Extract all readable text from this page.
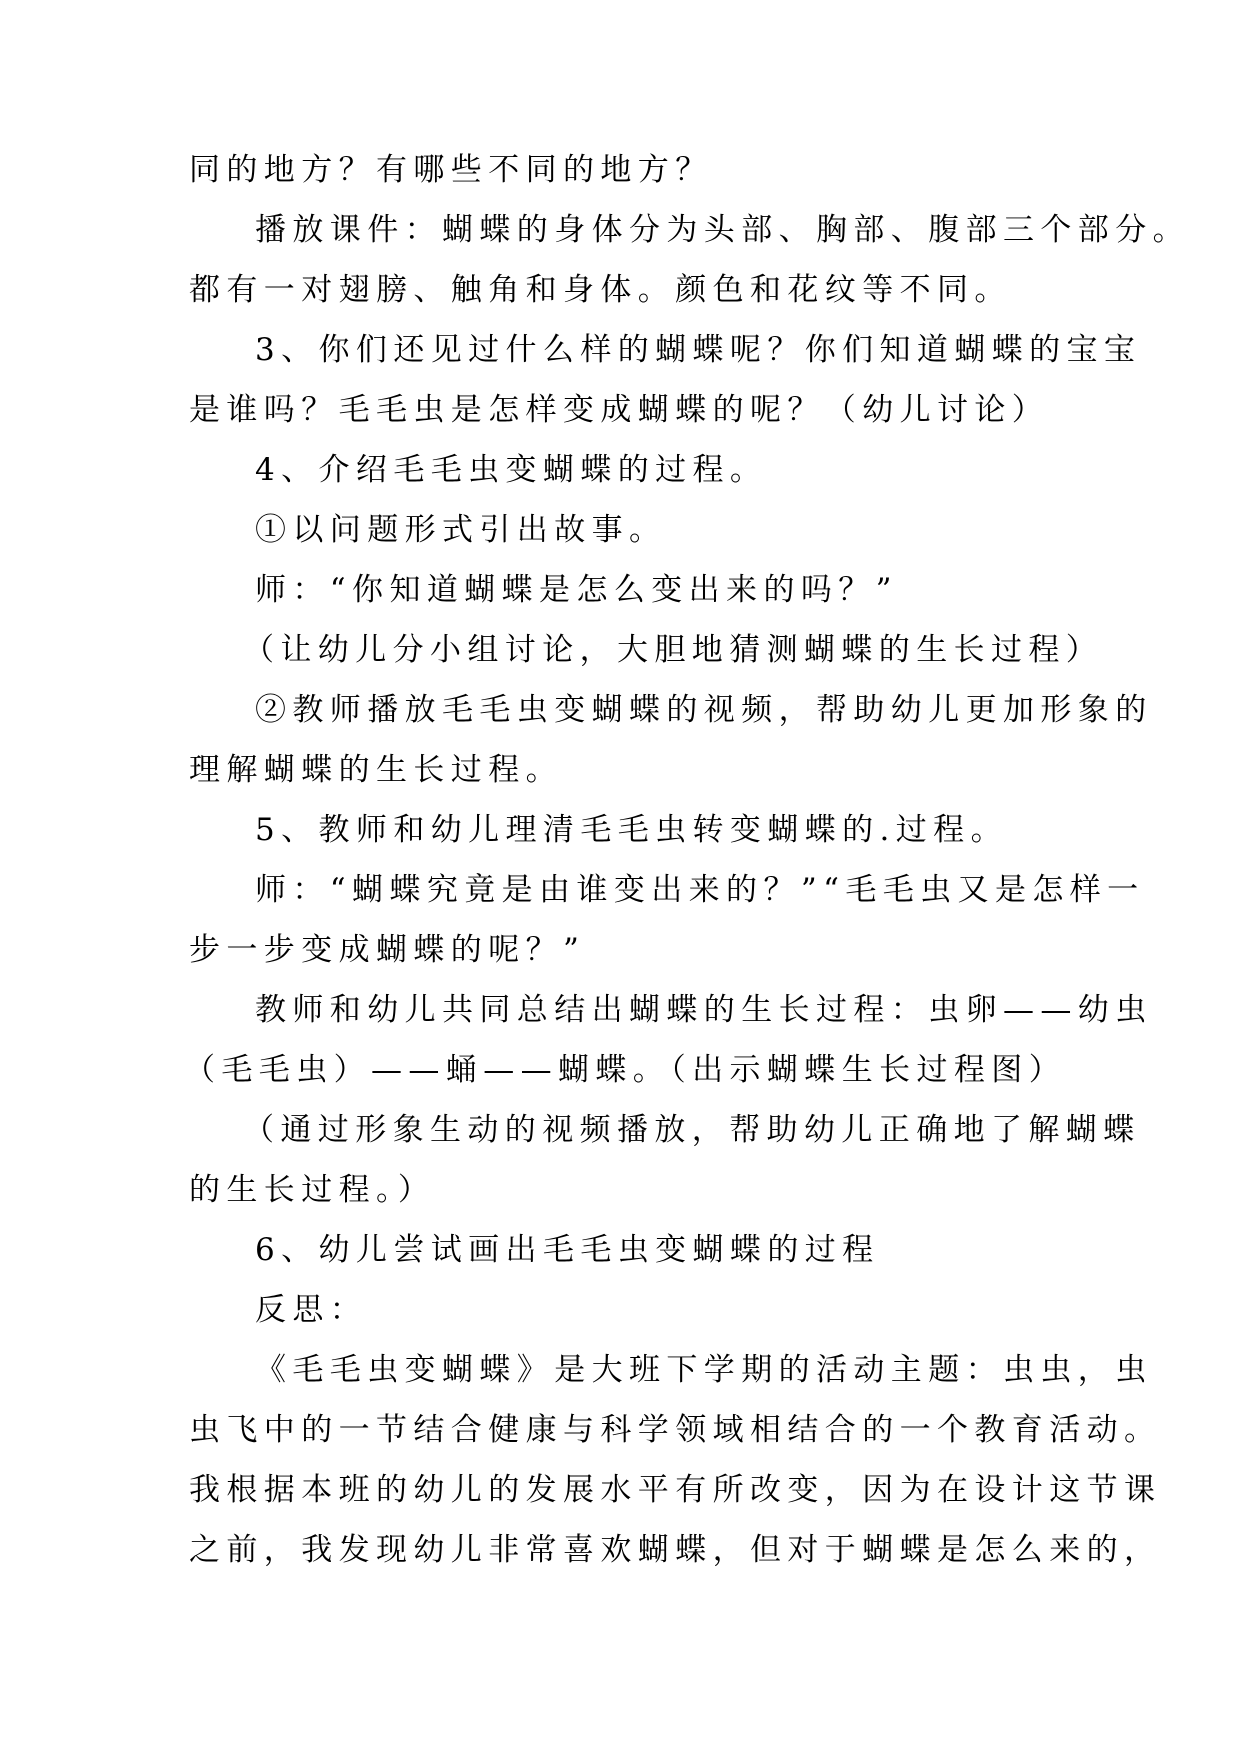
同的地方？有哪些不同的地方？
播放课件：蝴蝶的身体分为头部、胸部、腹部三个部分。
都有一对翅膀、触角和身体。颜色和花纹等不同。
3、你们还见过什么样的蝴蝶呢？你们知道蝴蝶的宝宝
是谁吗？毛毛虫是怎样变成蝴蝶的呢？（幼儿讨论）
4、介绍毛毛虫变蝴蝶的过程。
①以问题形式引出故事。
师：“你知道蝴蝶是怎么变出来的吗？”
（让幼儿分小组讨论，大胆地猜测蝴蝶的生长过程）
②教师播放毛毛虫变蝴蝶的视频，帮助幼儿更加形象的
理解蝴蝶的生长过程。
5、教师和幼儿理清毛毛虫转变蝴蝶的.过程。
师：“蝴蝶究竟是由谁变出来的？”“毛毛虫又是怎样一
步一步变成蝴蝶的呢？”
教师和幼儿共同总结出蝴蝶的生长过程：虫卵——幼虫
（毛毛虫）——蛹——蝴蝶。（出示蝴蝶生长过程图）
（通过形象生动的视频播放，帮助幼儿正确地了解蝴蝶
的生长过程。）
6、幼儿尝试画出毛毛虫变蝴蝶的过程
反思：
《毛毛虫变蝴蝶》是大班下学期的活动主题：虫虫，虫
虫飞中的一节结合健康与科学领域相结合的一个教育活动。
我根据本班的幼儿的发展水平有所改变，因为在设计这节课
之前，我发现幼儿非常喜欢蝴蝶，但对于蝴蝶是怎么来的，
